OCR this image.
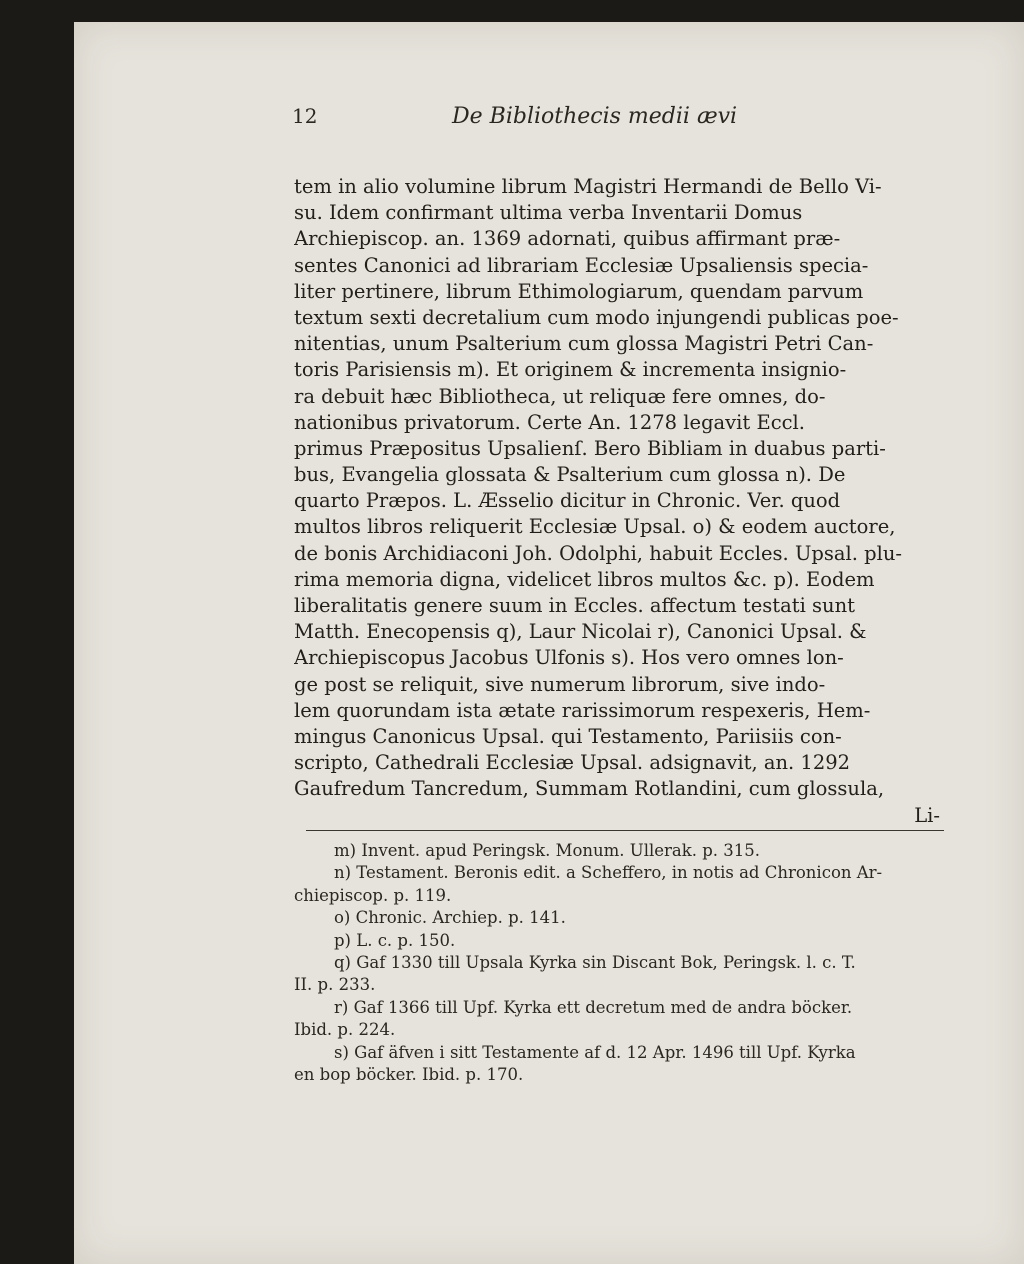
12	De Bibliothecis medii ævi
tem in alio volumine librum Magistri Hermandi de Bello Vi-
su. Idem confirmant ultima verba Inventarii Domus
Archiepiscop. an. 1369 adornati, quibus affirmant præ-
sentes Canonici ad librariam Ecclesiæ Upsaliensis specia-
liter pertinere, librum Ethimologiarum, quendam parvum
textum sexti decretalium cum modo injungendi publicas poe-
nitentias, unum Psalterium cum glossa Magistri Petri Can-
toris Parisiensis m). Et originem & incrementa insignio-
ra debuit hæc Bibliotheca, ut reliquæ fere omnes, do-
nationibus privatorum. Certe An. 1278 legavit Eccl.
primus Præpositus Upsalienſ. Bero Bibliam in duabus parti-
bus, Evangelia glossata & Psalterium cum glossa n). De
quarto Præpos. L. Æsselio dicitur in Chronic. Ver. quod
multos libros reliquerit Ecclesiæ Upsal. o) & eodem auctore,
de bonis Archidiaconi Joh. Odolphi, habuit Eccles. Upsal. plu-
rima memoria digna, videlicet libros multos &c. p). Eodem
liberalitatis genere suum in Eccles. affectum testati sunt
Matth. Enecopensis q), Laur Nicolai r), Canonici Upsal. &
Archiepiscopus Jacobus Ulfonis s). Hos vero omnes lon-
ge post se reliquit, sive numerum librorum, sive indo-
lem quorundam ista ætate rarissimorum respexeris, Hem-
mingus Canonicus Upsal. qui Testamento, Pariisiis con-
scripto, Cathedrali Ecclesiæ Upsal. adsignavit, an. 1292
Gaufredum Tancredum, Summam Rotlandini, cum glossula,
Li-
m) Invent. apud Peringsk. Monum. Ullerak. p. 315.
n) Testament. Beronis edit. a Scheffero, in notis ad Chronicon Ar-
chiepiscop. p. 119.
o) Chronic. Archiep. p. 141.
p) L. c. p. 150.
q) Gaf 1330 till Upsala Kyrka sin Discant Bok, Peringsk. l. c. T.
II. p. 233.
r) Gaf 1366 till Upf. Kyrka ett decretum med de andra böcker.
Ibid. p. 224.
s) Gaf äfven i sitt Testamente af d. 12 Apr. 1496 till Upf. Kyrka
en bop böcker. Ibid. p. 170.
